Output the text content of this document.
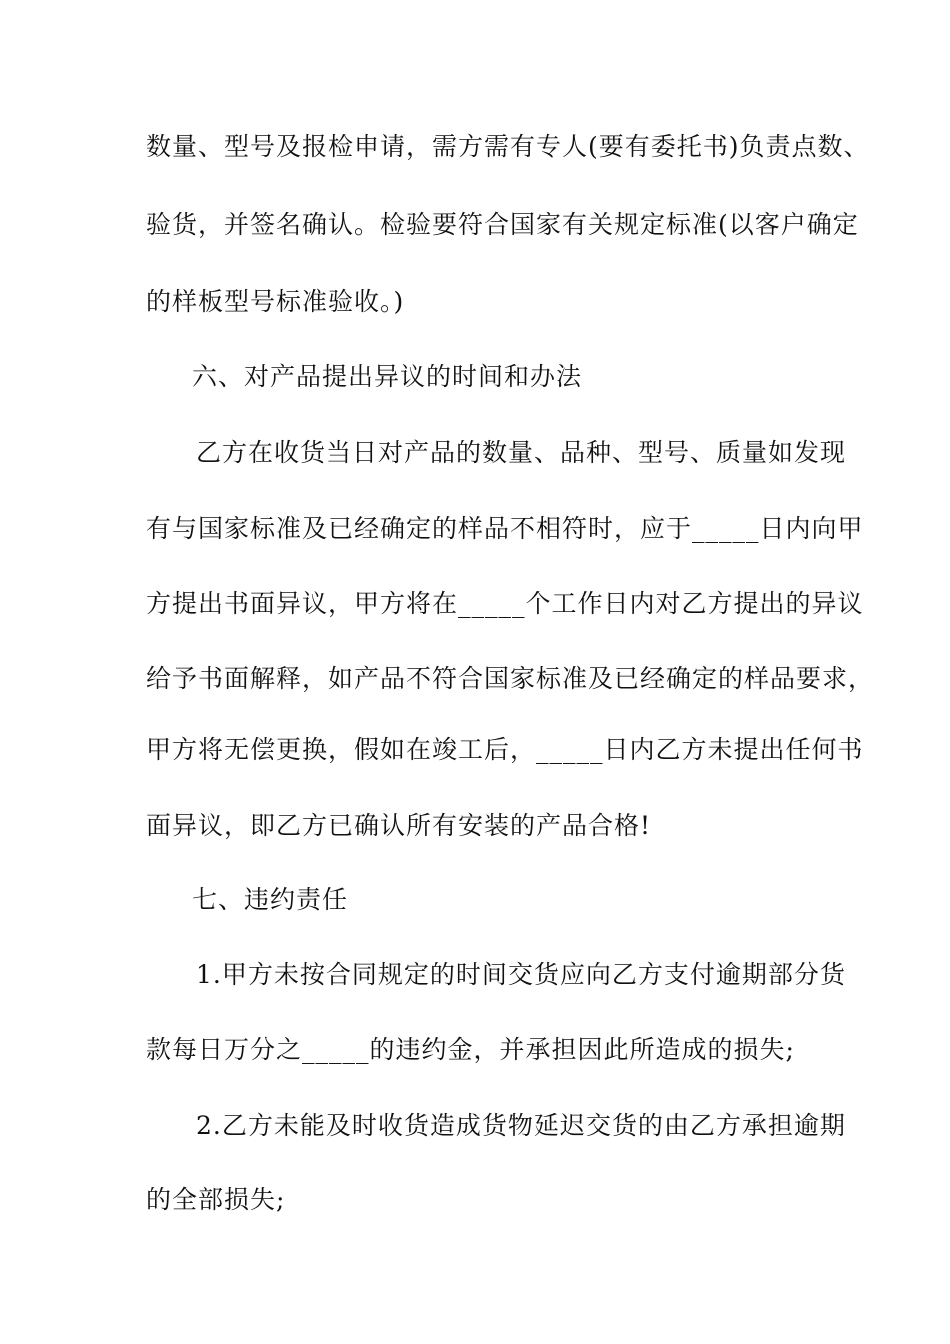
数量、型号及报检申请，需方需有专人(要有委托书)负责点数、
验货，并签名确认。检验要符合国家有关规定标准(以客户确定
的样板型号标准验收。)
六、对产品提出异议的时间和办法
乙方在收货当日对产品的数量、品种、型号、质量如发现
有与国家标准及已经确定的样品不相符时，应于_____日内向甲
方提出书面异议，甲方将在_____个工作日内对乙方提出的异议
给予书面解释，如产品不符合国家标准及已经确定的样品要求，
甲方将无偿更换，假如在竣工后，_____日内乙方未提出任何书
面异议，即乙方已确认所有安装的产品合格!
七、违约责任
1.甲方未按合同规定的时间交货应向乙方支付逾期部分货
款每日万分之_____的违约金，并承担因此所造成的损失;
2.乙方未能及时收货造成货物延迟交货的由乙方承担逾期
的全部损失;
